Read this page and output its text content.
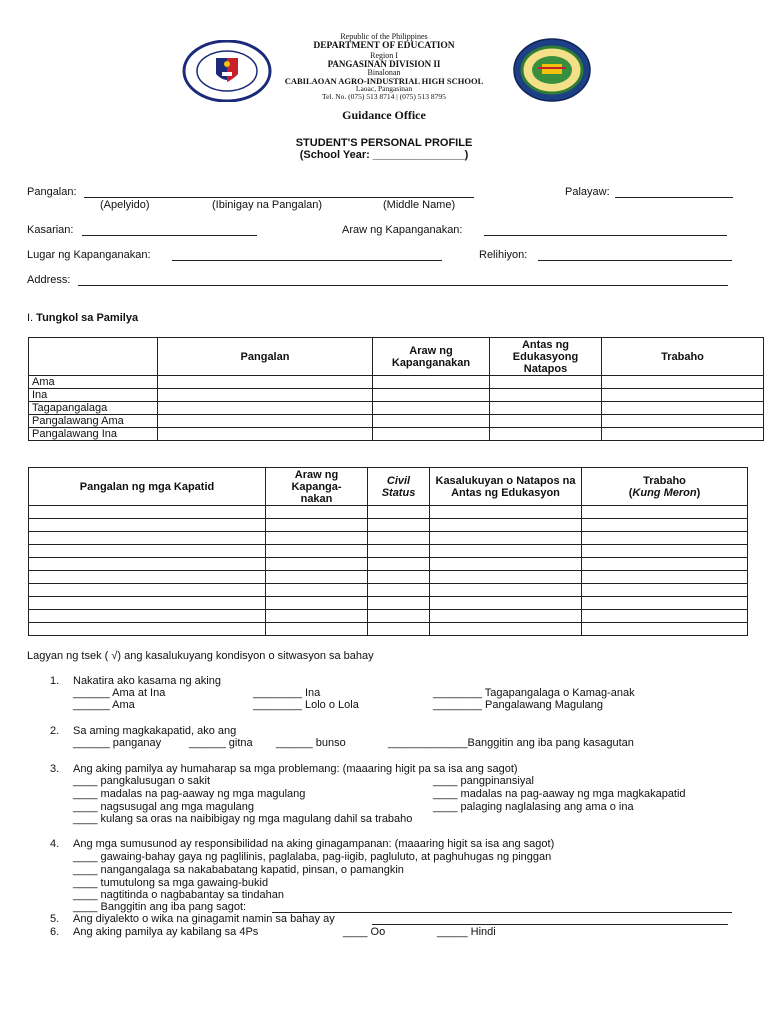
Republic of the Philippines
DEPARTMENT OF EDUCATION
Region I
PANGASINAN DIVISION II
Binalonan
CABILAOAN AGRO-INDUSTRIAL HIGH SCHOOL
Laoac, Pangasinan
Tel. No. (075) 513 8714 | (075) 513 8795
Guidance Office
STUDENT'S PERSONAL PROFILE
(School Year: _______________)
Pangalan:	Palayaw:
(Apelyido)	(Ibinigay na Pangalan)	(Middle Name)
Kasarian:	Araw ng Kapanganakan:
Lugar ng Kapanganakan:	Relihiyon:
Address:
I. Tungkol sa Pamilya
	Pangalan	Araw ng Kapanganakan	Antas ng Edukasyong Natapos	Trabaho
Ama				
Ina				
Tagapangalaga				
Pangalawang Ama				
Pangalawang Ina				
Pangalan ng mga Kapatid	Araw ng Kapanga-nakan	Civil Status	Kasalukuyan o Natapos na Antas ng Edukasyon	Trabaho
(Kung Meron)

Lagyan ng tsek ( √) ang kasalukuyang kondisyon o sitwasyon sa bahay
1. Nakatira ako kasama ng aking
______ Ama at Ina	________ Ina	________ Tagapangalaga o Kamag-anak
______ Ama	________ Lolo o Lola	________ Pangalawang Magulang
2. Sa aming magkakapatid, ako ang
______ panganay	______ gitna ______ bunso	_____________Banggitin ang iba pang kasagutan
3. Ang aking pamilya ay humaharap sa mga problemang: (maaaring higit pa sa isa ang sagot)
____ pangkalusugan o sakit	____ pangpinansiyal
____ madalas na pag-aaway ng mga magulang	____ madalas na pag-aaway ng mga magkakapatid
____ nagsusugal ang mga magulang	____ palaging naglalasing ang ama o ina
____ kulang sa oras na naibibigay ng mga magulang dahil sa trabaho
4. Ang mga sumusunod ay responsibilidad na aking ginagampanan: (maaaring higit sa isa ang sagot)
____ gawaing-bahay gaya ng paglilinis, paglalaba, pag-iigib, pagluluto, at paghuhugas ng pinggan
____ nangangalaga sa nakababatang kapatid, pinsan, o pamangkin
____ tumutulong sa mga gawaing-bukid
____ nagtitinda o nagbabantay sa tindahan
____ Banggitin ang iba pang sagot:
5. Ang diyalekto o wika na ginagamit namin sa bahay ay
6. Ang aking pamilya ay kabilang sa 4Ps	____ Oo	_____ Hindi
